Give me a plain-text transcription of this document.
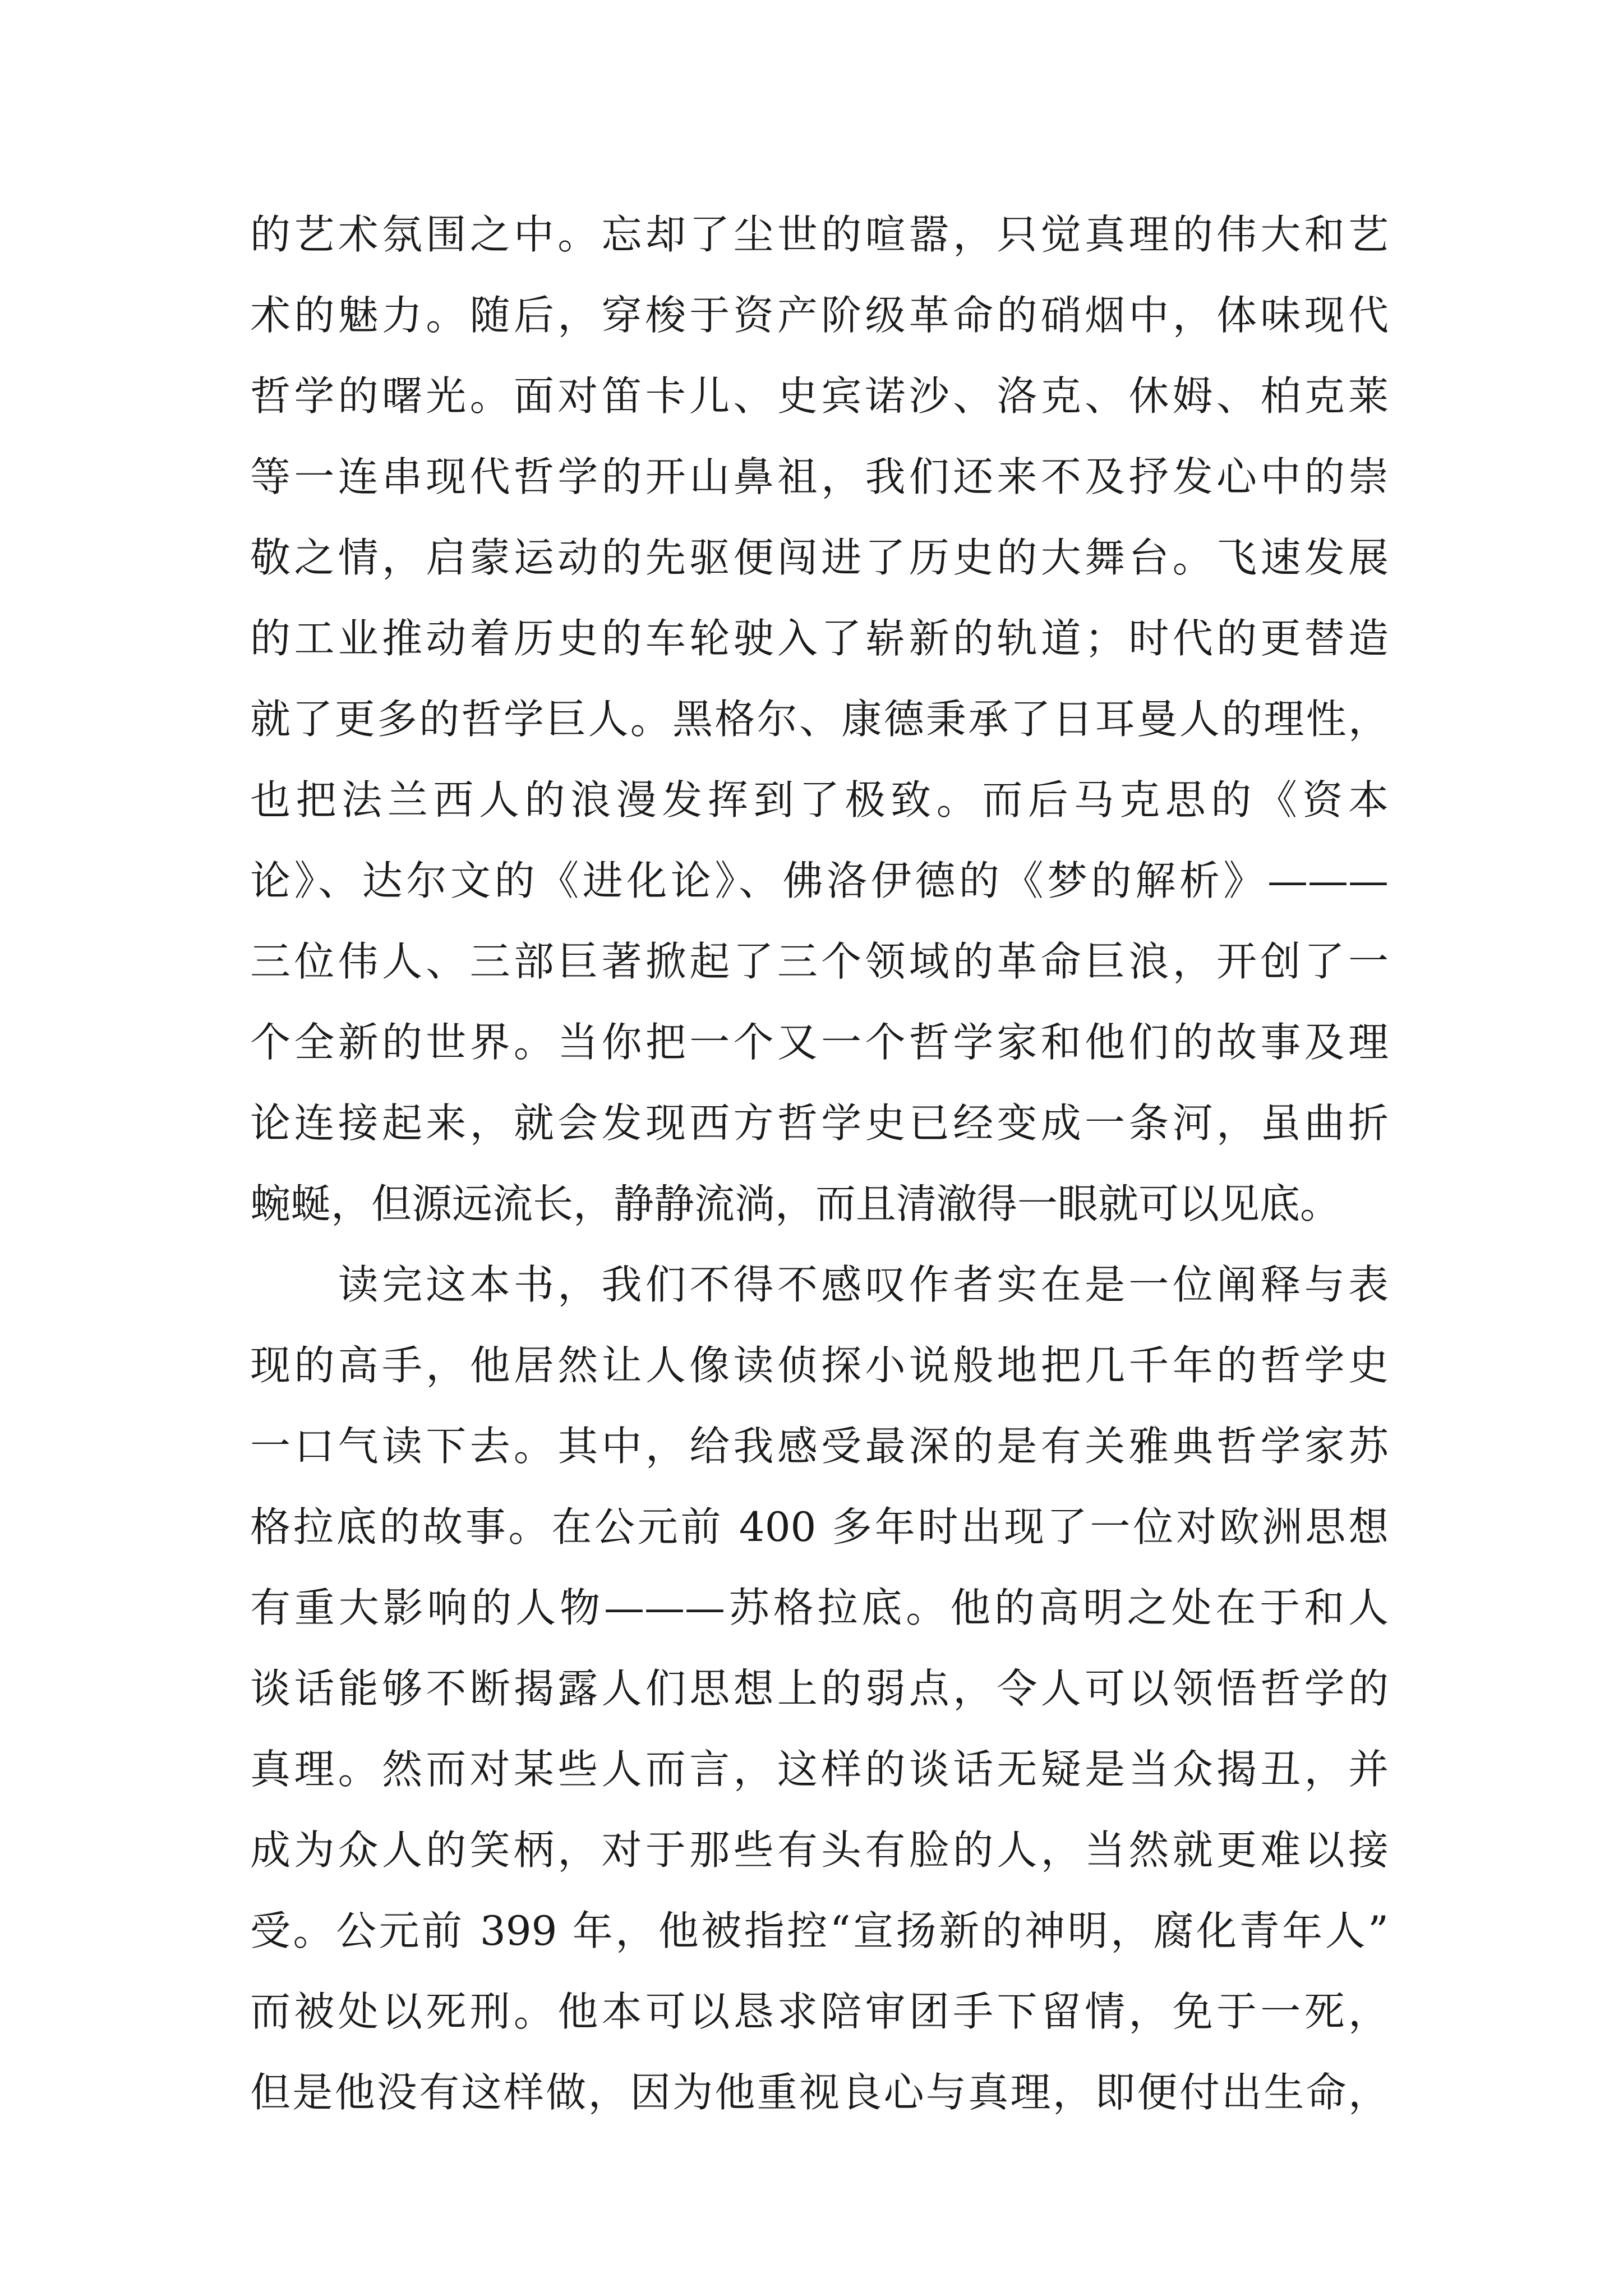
的艺术氛围之中。忘却了尘世的喧嚣，只觉真理的伟大和艺
术的魅力。随后，穿梭于资产阶级革命的硝烟中，体味现代
哲学的曙光。面对笛卡儿、史宾诺沙、洛克、休姆、柏克莱
等一连串现代哲学的开山鼻祖，我们还来不及抒发心中的崇
敬之情，启蒙运动的先驱便闯进了历史的大舞台。飞速发展
的工业推动着历史的车轮驶入了崭新的轨道；时代的更替造
就了更多的哲学巨人。黑格尔、康德秉承了日耳曼人的理性，
也把法兰西人的浪漫发挥到了极致。而后马克思的《资本
论》、达尔文的《进化论》、佛洛伊德的《梦的解析》———
三位伟人、三部巨著掀起了三个领域的革命巨浪，开创了一
个全新的世界。当你把一个又一个哲学家和他们的故事及理
论连接起来，就会发现西方哲学史已经变成一条河，虽曲折
蜿蜒，但源远流长，静静流淌，而且清澈得一眼就可以见底。
　　读完这本书，我们不得不感叹作者实在是一位阐释与表
现的高手，他居然让人像读侦探小说般地把几千年的哲学史
一口气读下去。其中，给我感受最深的是有关雅典哲学家苏
格拉底的故事。在公元前 400 多年时出现了一位对欧洲思想
有重大影响的人物———苏格拉底。他的高明之处在于和人
谈话能够不断揭露人们思想上的弱点，令人可以领悟哲学的
真理。然而对某些人而言，这样的谈话无疑是当众揭丑，并
成为众人的笑柄，对于那些有头有脸的人，当然就更难以接
受。公元前 399 年，他被指控“宣扬新的神明，腐化青年人”
而被处以死刑。他本可以恳求陪审团手下留情，免于一死，
但是他没有这样做，因为他重视良心与真理，即便付出生命，
